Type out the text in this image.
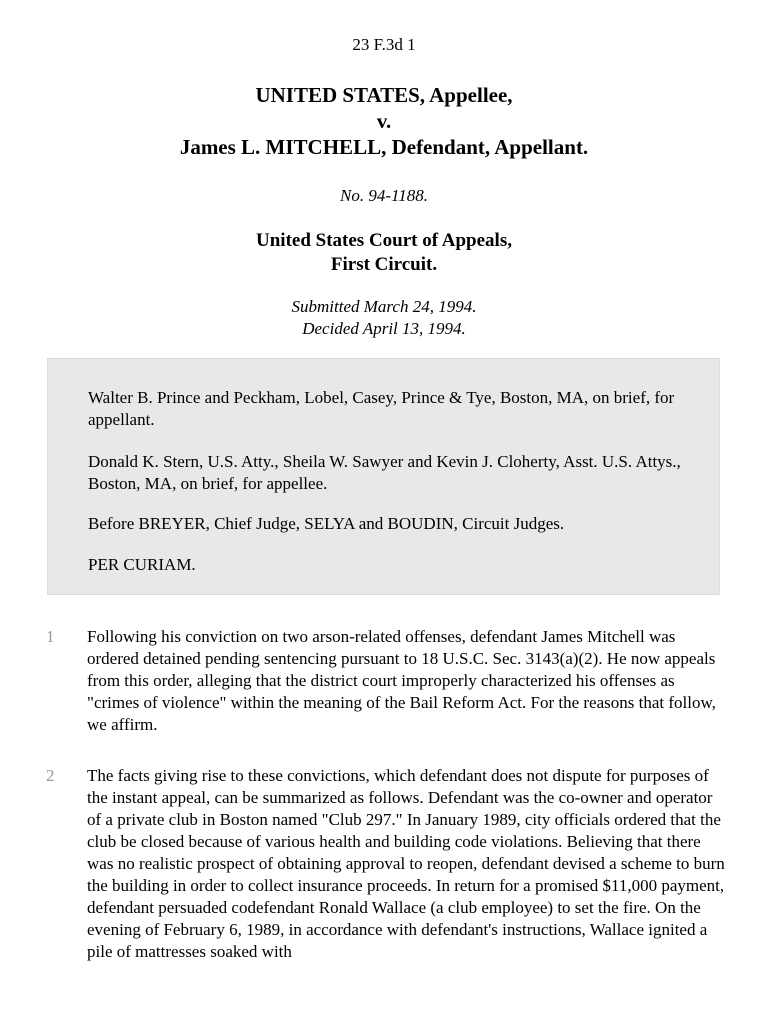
23 F.3d 1
UNITED STATES, Appellee,
v.
James L. MITCHELL, Defendant, Appellant.
No. 94-1188.
United States Court of Appeals,
First Circuit.
Submitted March 24, 1994.
Decided April 13, 1994.

Walter B. Prince and Peckham, Lobel, Casey, Prince & Tye, Boston, MA, on brief, for appellant.

Donald K. Stern, U.S. Atty., Sheila W. Sawyer and Kevin J. Cloherty, Asst. U.S. Attys., Boston, MA, on brief, for appellee.

Before BREYER, Chief Judge, SELYA and BOUDIN, Circuit Judges.

PER CURIAM.

1 Following his conviction on two arson-related offenses, defendant James Mitchell was ordered detained pending sentencing pursuant to 18 U.S.C. Sec. 3143(a)(2). He now appeals from this order, alleging that the district court improperly characterized his offenses as "crimes of violence" within the meaning of the Bail Reform Act. For the reasons that follow, we affirm.

2 The facts giving rise to these convictions, which defendant does not dispute for purposes of the instant appeal, can be summarized as follows. Defendant was the co-owner and operator of a private club in Boston named "Club 297." In January 1989, city officials ordered that the club be closed because of various health and building code violations. Believing that there was no realistic prospect of obtaining approval to reopen, defendant devised a scheme to burn the building in order to collect insurance proceeds. In return for a promised $11,000 payment, defendant persuaded codefendant Ronald Wallace (a club employee) to set the fire. On the evening of February 6, 1989, in accordance with defendant's instructions, Wallace ignited a pile of mattresses soaked with
